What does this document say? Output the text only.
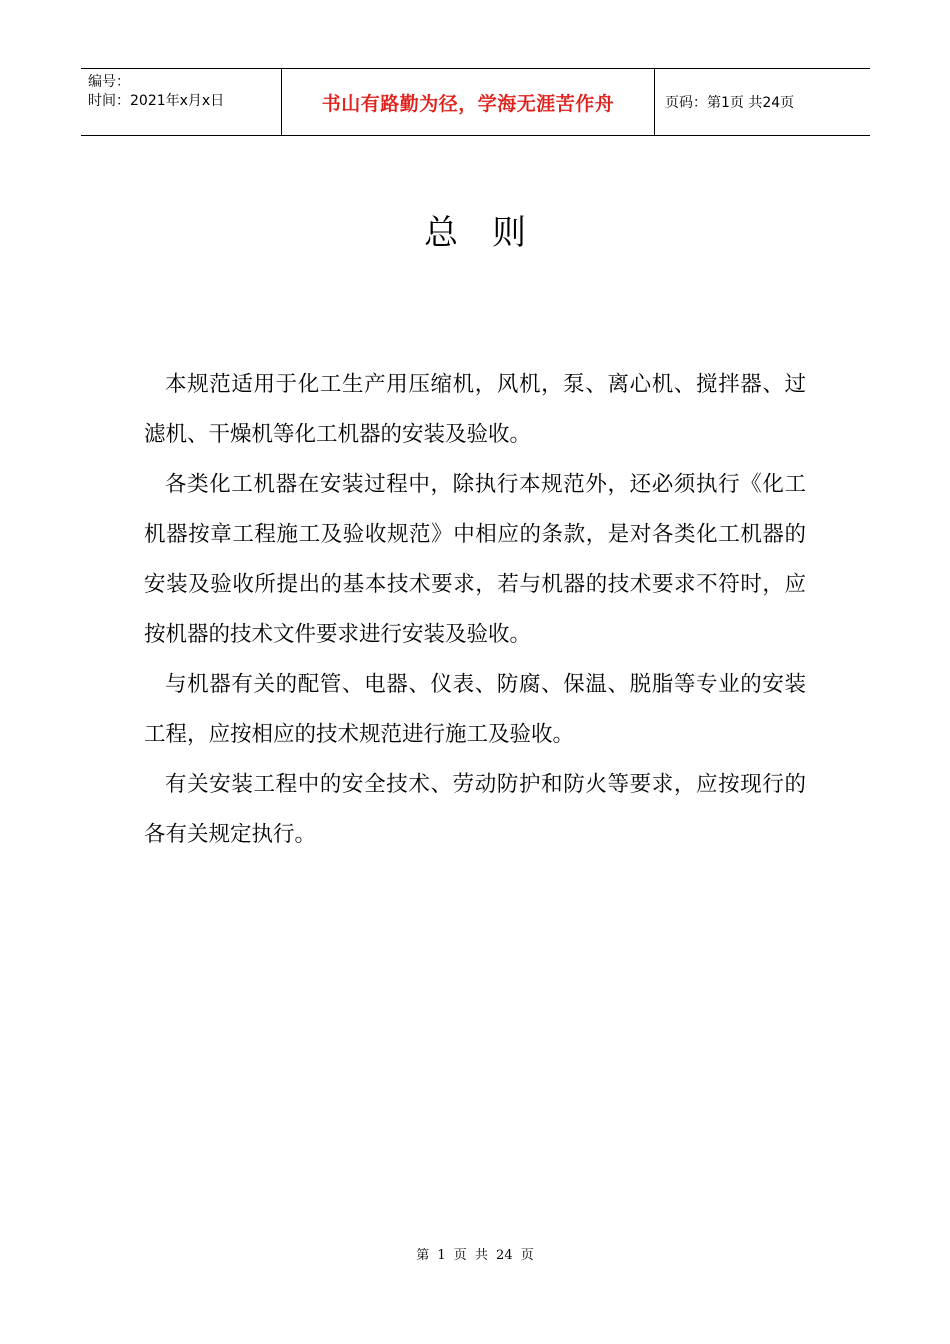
编号：
时间：2021年x月x日	书山有路勤为径，学海无涯苦作舟	页码：第1页 共24页
总则

本规范适用于化工生产用压缩机，风机，泵、离心机、搅拌器、过滤机、干燥机等化工机器的安装及验收。

各类化工机器在安装过程中，除执行本规范外，还必须执行《化工机器按章工程施工及验收规范》中相应的条款，是对各类化工机器的安装及验收所提出的基本技术要求，若与机器的技术要求不符时，应按机器的技术文件要求进行安装及验收。

与机器有关的配管、电器、仪表、防腐、保温、脱脂等专业的安装工程，应按相应的技术规范进行施工及验收。

有关安装工程中的安全技术、劳动防护和防火等要求，应按现行的各有关规定执行。

第 1 页 共 24 页
